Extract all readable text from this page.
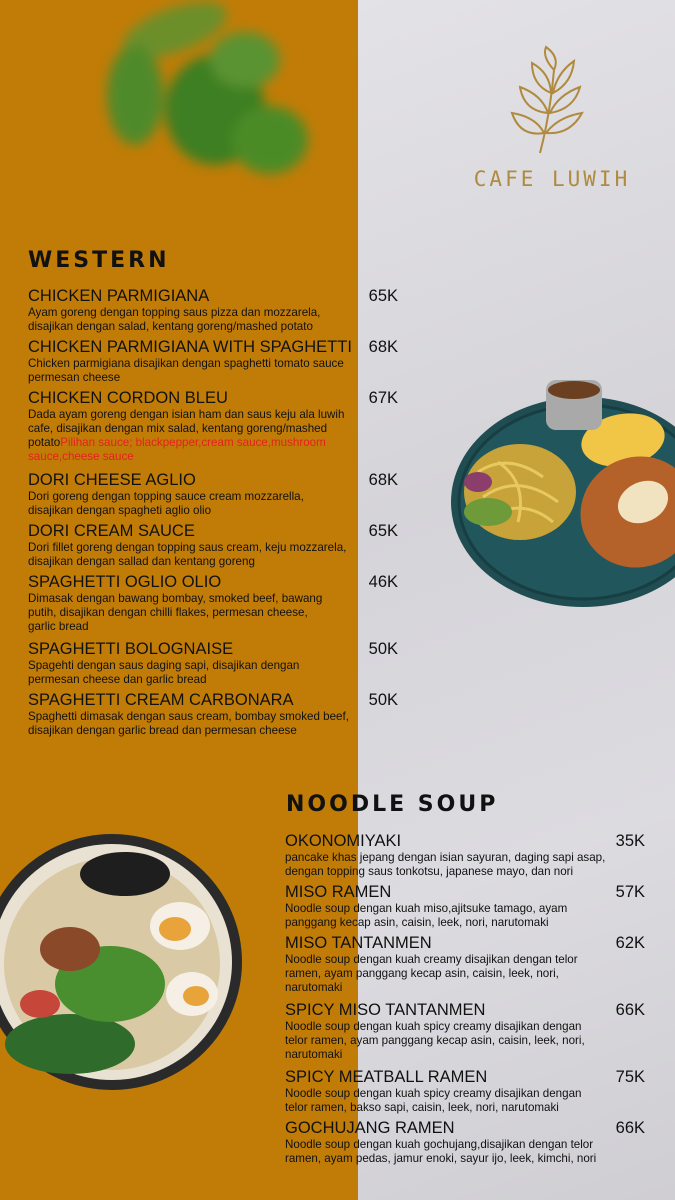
CAFE LUWIH
WESTERN
CHICKEN PARMIGIANA	65K
Ayam goreng dengan topping saus pizza dan mozzarela,
disajikan dengan salad, kentang goreng/mashed potato
CHICKEN PARMIGIANA WITH SPAGHETTI 68K
Chicken parmigiana disajikan dengan spaghetti tomato sauce
permesan cheese
CHICKEN CORDON BLEU	67K
Dada ayam goreng dengan isian ham dan saus keju ala luwih
cafe, disajikan dengan mix salad, kentang goreng/mashed
potatoPilihan sauce; blackpepper,cream sauce,mushroom
sauce,cheese sauce
DORI CHEESE AGLIO	68K
Dori goreng dengan topping sauce cream mozzarella,
disajikan dengan spagheti aglio olio
DORI CREAM SAUCE	65K
Dori fillet goreng dengan topping saus cream, keju mozzarela,
disajikan dengan sallad dan kentang goreng
SPAGHETTI OGLIO OLIO	46K
Dimasak dengan bawang bombay, smoked beef, bawang
putih, disajikan dengan chilli flakes, permesan cheese,
garlic bread
SPAGHETTI BOLOGNAISE	50K
Spagehti dengan saus daging sapi, disajikan dengan
permesan cheese dan garlic bread
SPAGHETTI CREAM CARBONARA	50K
Spaghetti dimasak dengan saus cream, bombay smoked beef,
disajikan dengan garlic bread dan permesan cheese
NOODLE SOUP
OKONOMIYAKI	35K
pancake khas jepang dengan isian sayuran, daging sapi asap,
dengan topping saus tonkotsu, japanese mayo, dan nori
MISO RAMEN	57K
Noodle soup dengan kuah miso,ajitsuke tamago, ayam
panggang kecap asin, caisin, leek, nori, narutomaki
MISO TANTANMEN	62K
Noodle soup dengan kuah creamy disajikan dengan telor
ramen, ayam panggang kecap asin, caisin, leek, nori,
narutomaki
SPICY MISO TANTANMEN	66K
Noodle soup dengan kuah spicy creamy disajikan dengan
telor ramen, ayam panggang kecap asin, caisin, leek, nori,
narutomaki
SPICY MEATBALL RAMEN	75K
Noodle soup dengan kuah spicy creamy disajikan dengan
telor ramen, bakso sapi, caisin, leek, nori, narutomaki
GOCHUJANG RAMEN	66K
Noodle soup dengan kuah gochujang,disajikan dengan telor
ramen, ayam pedas, jamur enoki, sayur ijo, leek, kimchi, nori
